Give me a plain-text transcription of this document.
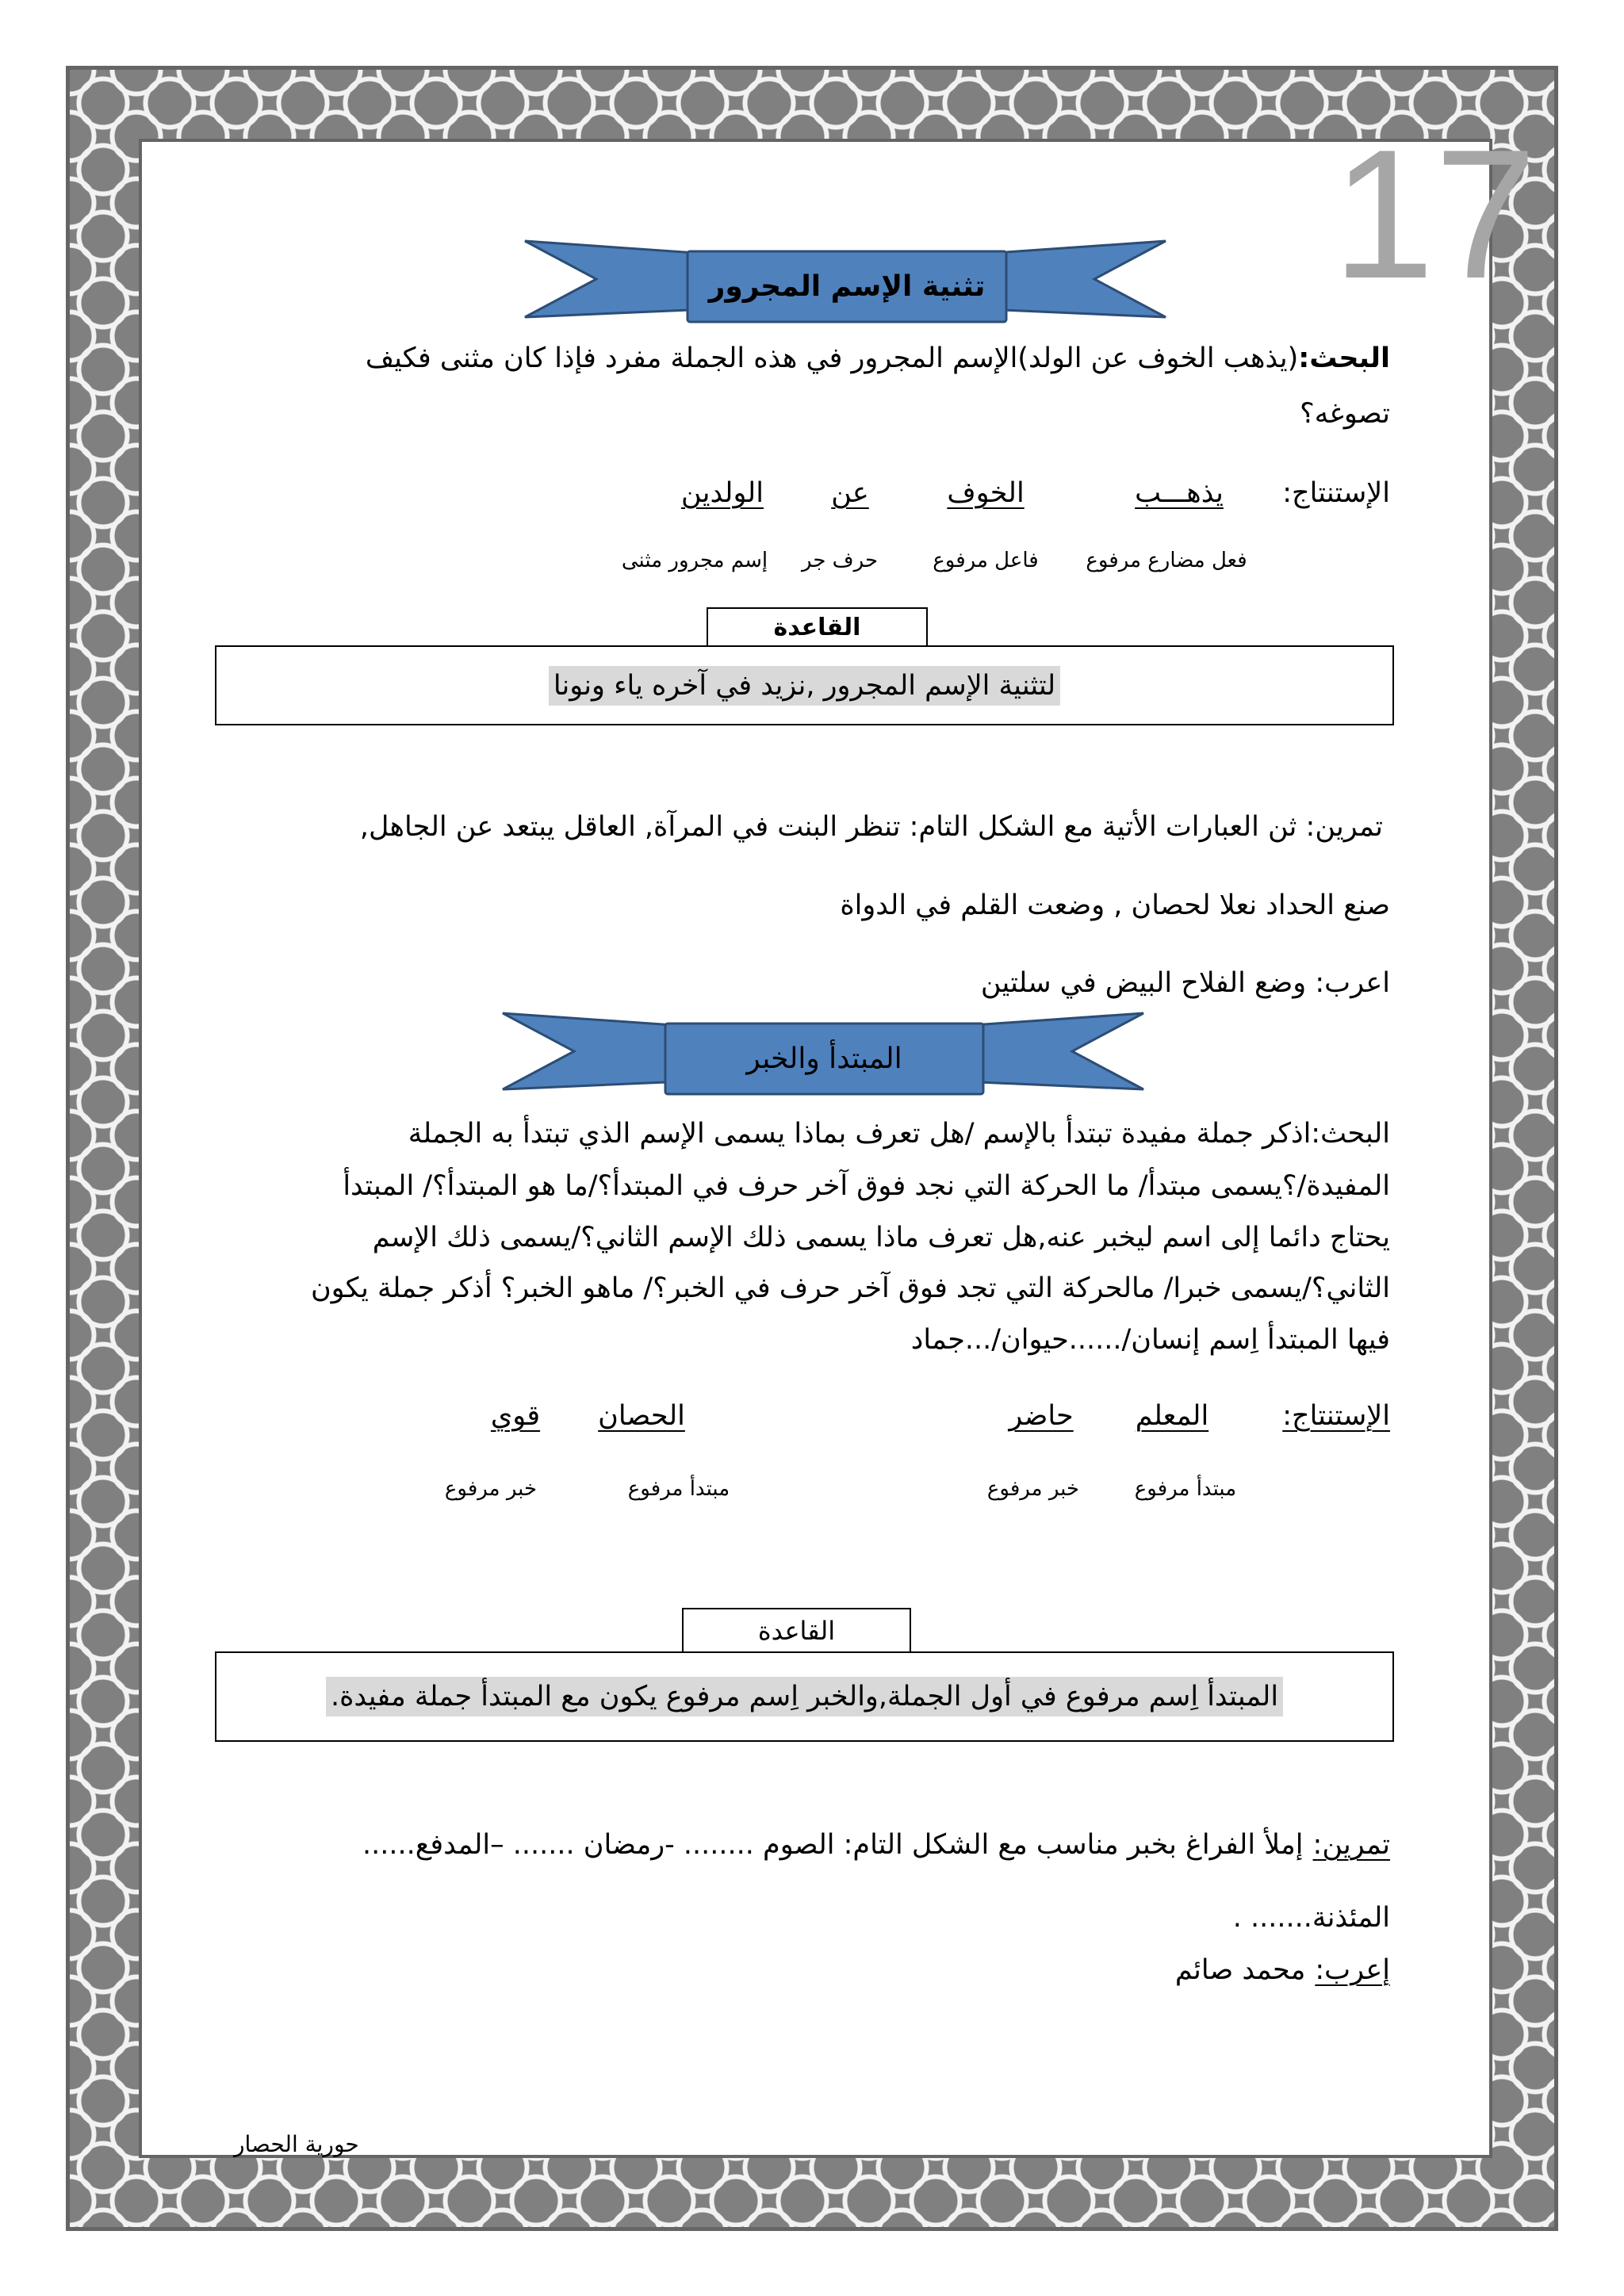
17
تثنية الإسم المجرور
البحث:(يذهب الخوف عن الولد)الإسم المجرور في هذه الجملة مفرد فإذا كان مثنى فكيف
تصوغه؟
الإستنتاج:
يذهـــب
الخوف
عن
الولدين
فعل مضارع مرفوع
فاعل مرفوع
حرف جر
إسم مجرور مثنى
القاعدة
لتثنية الإسم المجرور ,نزيد في آخره ياء ونونا
تمرين: ثن العبارات الأتية مع الشكل التام: تنظر البنت في المرآة, العاقل يبتعد عن الجاهل,
صنع الحداد نعلا لحصان , وضعت القلم في الدواة
اعرب: وضع الفلاح البيض في سلتين
المبتدأ والخبر
البحث:اذكر جملة مفيدة تبتدأ بالإسم /هل تعرف بماذا يسمى الإسم الذي تبتدأ به الجملة
المفيدة/؟يسمى مبتدأ/ ما الحركة التي نجد فوق آخر حرف في المبتدأ؟/ما هو المبتدأ؟/ المبتدأ
يحتاج دائما إلى اسم ليخبر عنه,هل تعرف ماذا يسمى ذلك الإسم الثاني؟/يسمى ذلك الإسم
الثاني؟/يسمى خبرا/ مالحركة التي تجد فوق آخر حرف في الخبر؟/ ماهو الخبر؟ أذكر جملة يكون
فيها المبتدأ اِسم إنسان/......حيوان/...جماد
الإستنتاج:
المعلم
حاضر
الحصان
قوي
مبتدأ مرفوع
خبر مرفوع
مبتدأ مرفوع
خبر مرفوع
القاعدة
المبتدأ اِسم مرفوع في أول الجملة,والخبر اِسم مرفوع يكون مع المبتدأ جملة مفيدة.
تمرين:إملأ الفراغ بخبر مناسب مع الشكل التام: الصوم ........ -رمضان ....... –المدفع......
المئذنة....... .
إعرب:محمد صائم
حورية الحصار
